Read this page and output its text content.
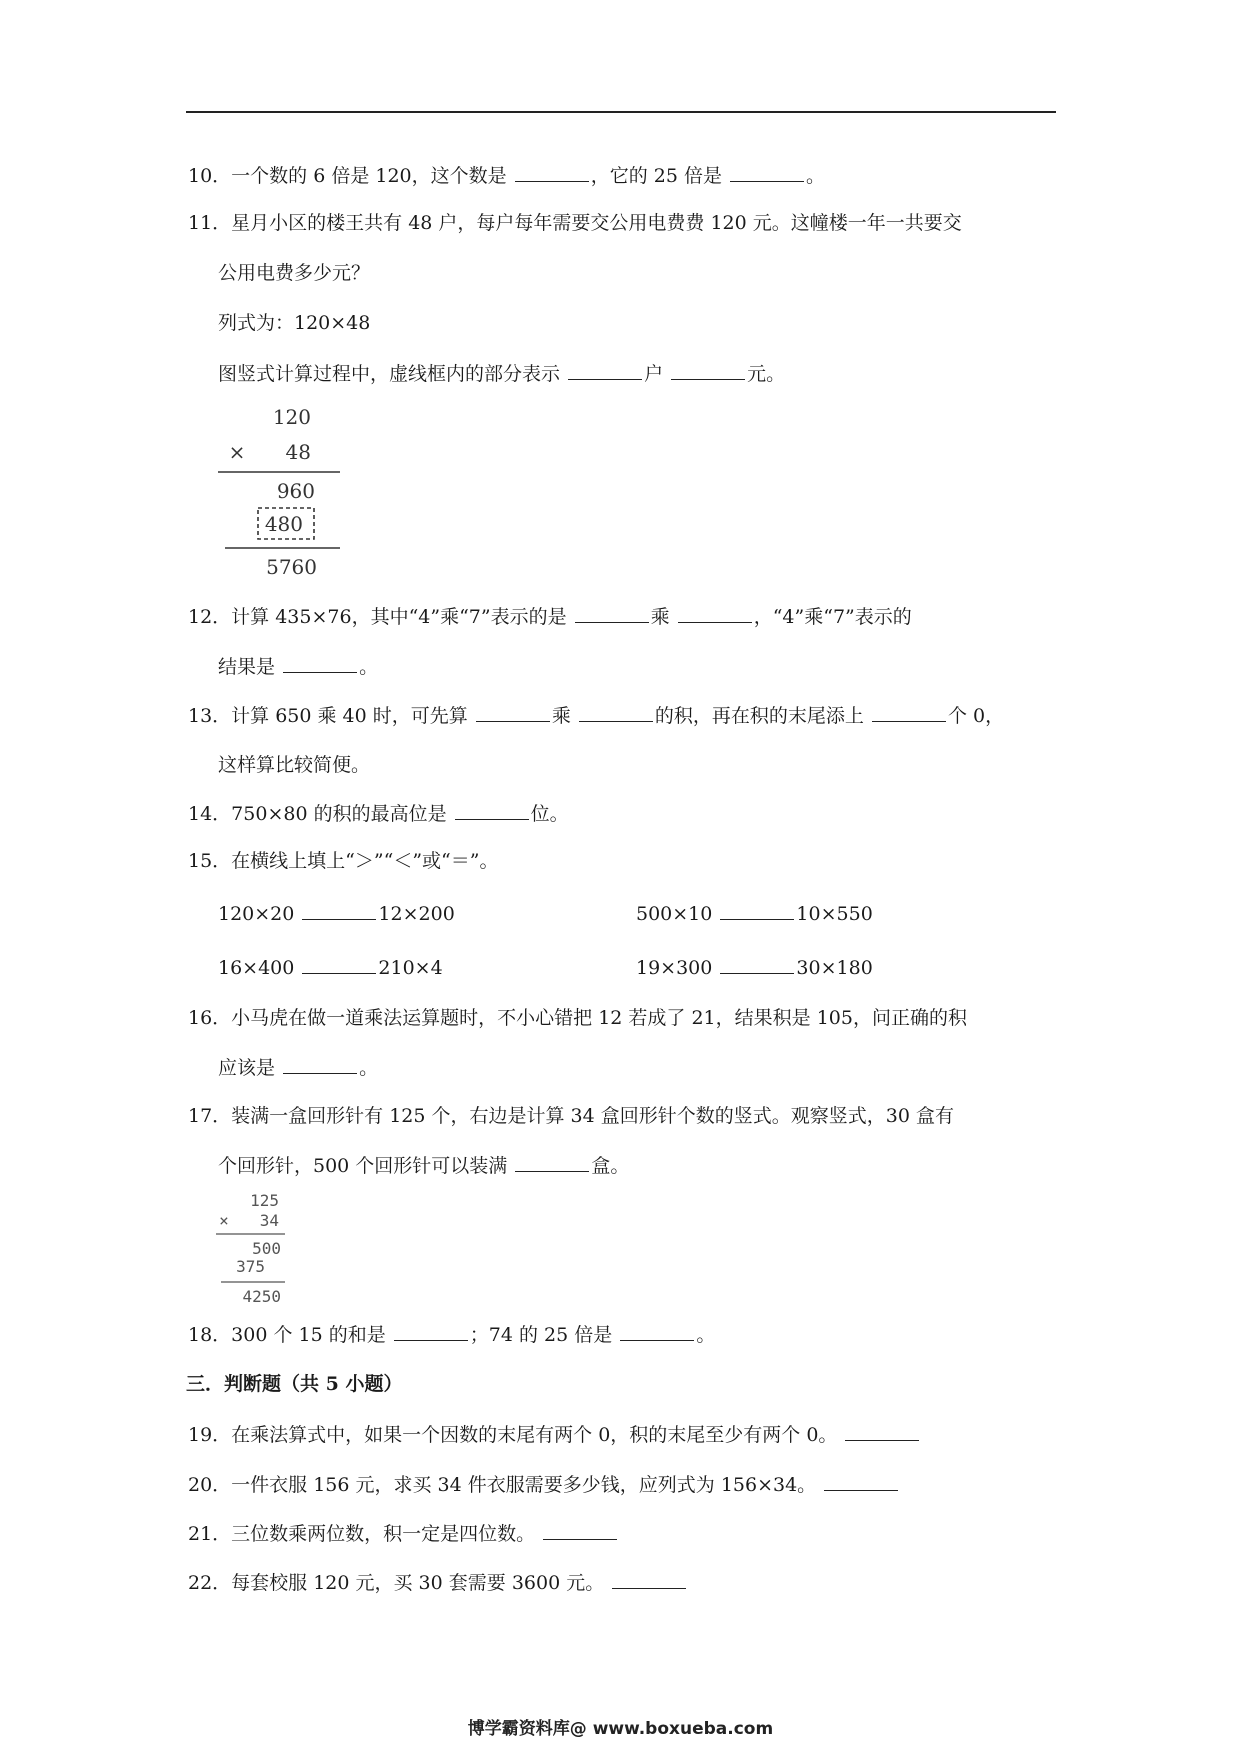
10．一个数的 6 倍是 120，这个数是	，它的 25 倍是	。
11．星月小区的楼王共有 48 户，每户每年需要交公用电费费 120 元。这幢楼一年一共要交
公用电费多少元？
列式为：120×48
图竖式计算过程中，虚线框内的部分表示	户	元。
120
× 48
960
480
5760
12．计算 435×76，其中“4”乘“7”表示的是	乘	，“4”乘“7”表示的
结果是	。
13．计算 650 乘 40 时，可先算	乘	的积，再在积的末尾添上	个 0，
这样算比较简便。
14．750×80 的积的最高位是	位。
15．在横线上填上“＞”“＜”或“＝”。
120×20	12×200	500×10	10×550
16×400	210×4	19×300	30×180
16．小马虎在做一道乘法运算题时，不小心错把 12 若成了 21，结果积是 105，问正确的积
应该是	。
17．装满一盒回形针有 125 个，右边是计算 34 盒回形针个数的竖式。观察竖式，30 盒有
个回形针，500 个回形针可以装满	盒。
125
× 34
500
375
4250
18．300 个 15 的和是	；74 的 25 倍是	。
三．判断题（共 5 小题）
19．在乘法算式中，如果一个因数的末尾有两个 0，积的末尾至少有两个 0。
20．一件衣服 156 元，求买 34 件衣服需要多少钱，应列式为 156×34。
21．三位数乘两位数，积一定是四位数。
22．每套校服 120 元，买 30 套需要 3600 元。
博学霸资料库@ www.boxueba.com
